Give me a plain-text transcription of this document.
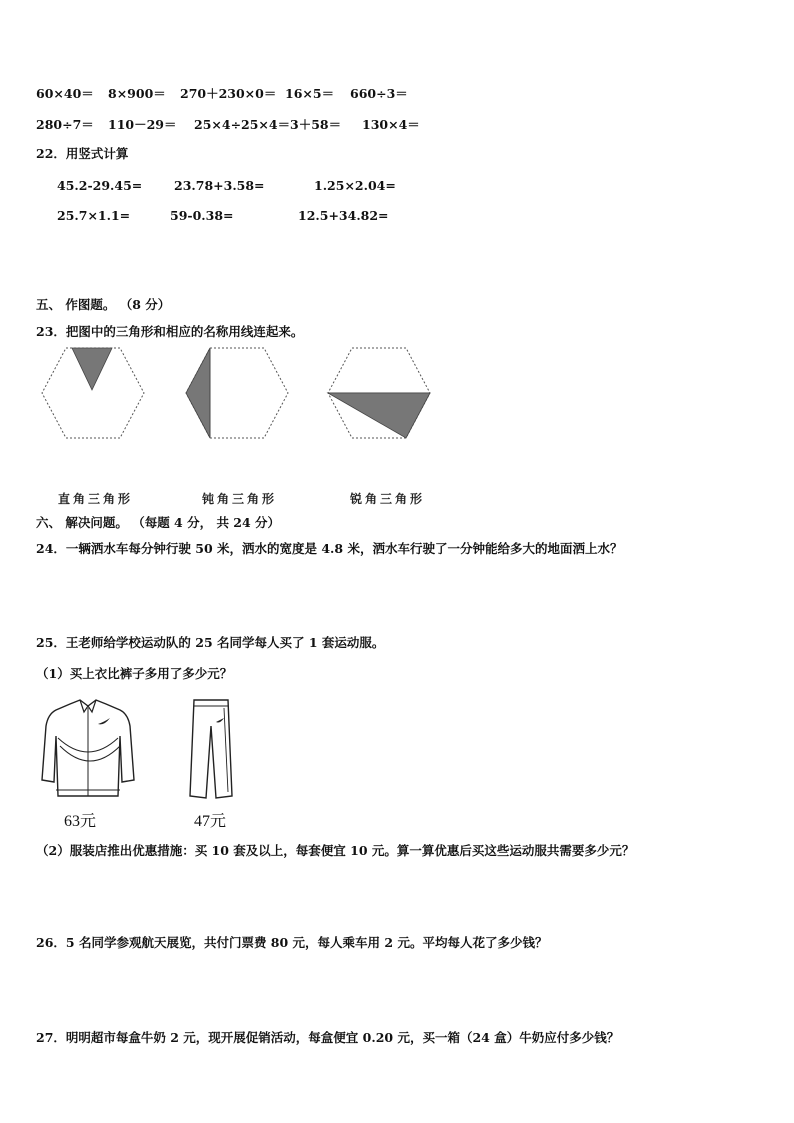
60×40＝ 8×900＝ 270＋230×0＝ 16×5＝ 660÷3＝
280÷7＝ 110－29＝ 25×4÷25×4＝ 3＋58＝ 130×4＝
22．用竖式计算
45.2-29.45=	23.78+3.58=	1.25×2.04=
25.7×1.1=	59-0.38=	12.5+34.82=
五、 作图题。 （8 分）
23．把图中的三角形和相应的名称用线连起来。
直角三角形	钝角三角形	锐角三角形
六、 解决问题。 （每题 4 分， 共 24 分）
24．一辆洒水车每分钟行驶 50 米，洒水的宽度是 4.8 米，洒水车行驶了一分钟能给多大的地面洒上水？
25．王老师给学校运动队的 25 名同学每人买了 1 套运动服。
（1）买上衣比裤子多用了多少元？
63元	47元
（2）服装店推出优惠措施：买 10 套及以上，每套便宜 10 元。算一算优惠后买这些运动服共需要多少元？
26．5 名同学参观航天展览，共付门票费 80 元，每人乘车用 2 元。平均每人花了多少钱？
27．明明超市每盒牛奶 2 元，现开展促销活动，每盒便宜 0.20 元，买一箱（24 盒）牛奶应付多少钱？
